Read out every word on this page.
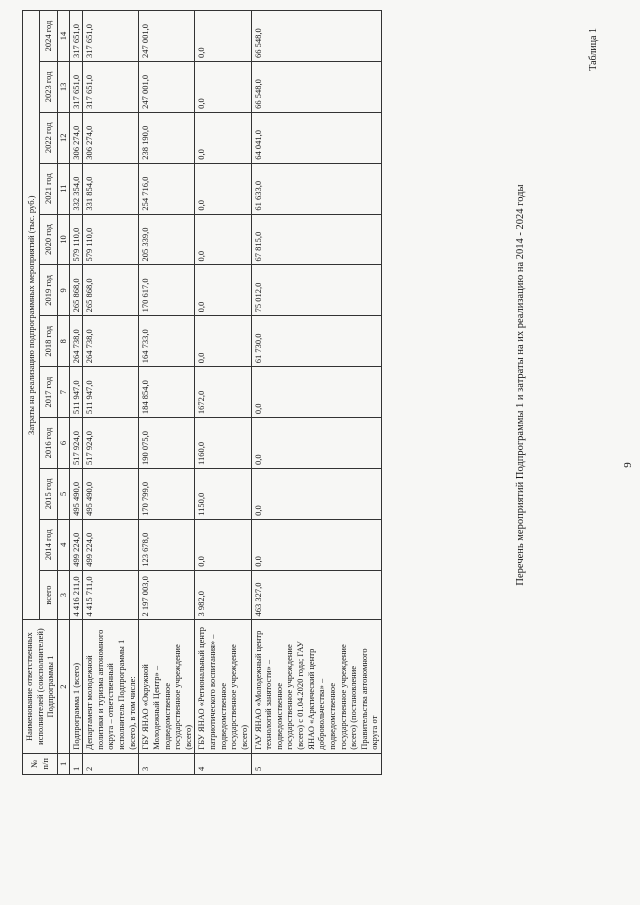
9
Таблица 1
Перечень мероприятий Подпрограммы 1 и затраты на их реализацию на 2014 - 2024 годы
№ п/п	Наименование ответственных исполнителей (соисполнителей) Подпрограммы 1	Затраты на реализацию подпрограммных мероприятий (тыс. руб.)											
		всего	2014 год	2015 год	2016 год	2017 год	2018 год	2019 год	2020 год	2021 год	2022 год	2023 год	2024 год
1	2	3	4	5	6	7	8	9	10	11	12	13	14
1	Подпрограмма 1 (всего)	4 416 211,0	499 224,0	495 490,0	517 924,0	511 947,0	264 738,0	265 868,0	579 110,0	332 354,0	306 274,0	317 651,0	317 651,0
2	Департамент молодежной политики и туризма автономного округа – ответственный исполнитель Подпрограммы 1 (всего), в том числе:	4 415 711,0	499 224,0	495 490,0	517 924,0	511 947,0	264 738,0	265 868,0	579 110,0	331 854,0	306 274,0	317 651,0	317 651,0
3	ГБУ ЯНАО «Окружной Молодежный Центр» – подведомственное государственное учреждение (всего)	2 197 003,0	123 678,0	170 799,0	190 075,0	184 854,0	164 733,0	170 617,0	205 339,0	254 716,0	238 190,0	247 001,0	247 001,0
4	ГБУ ЯНАО «Региональный центр патриотического воспитания» – подведомственное государственное учреждение (всего)	3 982,0	0,0	1150,0	1160,0	1672,0	0,0	0,0	0,0	0,0	0,0	0,0	0,0
5	ГАУ ЯНАО «Молодежный центр технологий занятости» – подведомственное государственное учреждение (всего) с 01.04.2020 года; ГАУ ЯНАО «Арктический центр добровольчества» – подведомственное государственное учреждение (всего) (постановление Правительства автономного округа от	463 327,0	0,0	0,0	0,0	0,0	61 730,0	75 012,0	67 815,0	61 633,0	64 041,0	66 548,0	66 548,0
